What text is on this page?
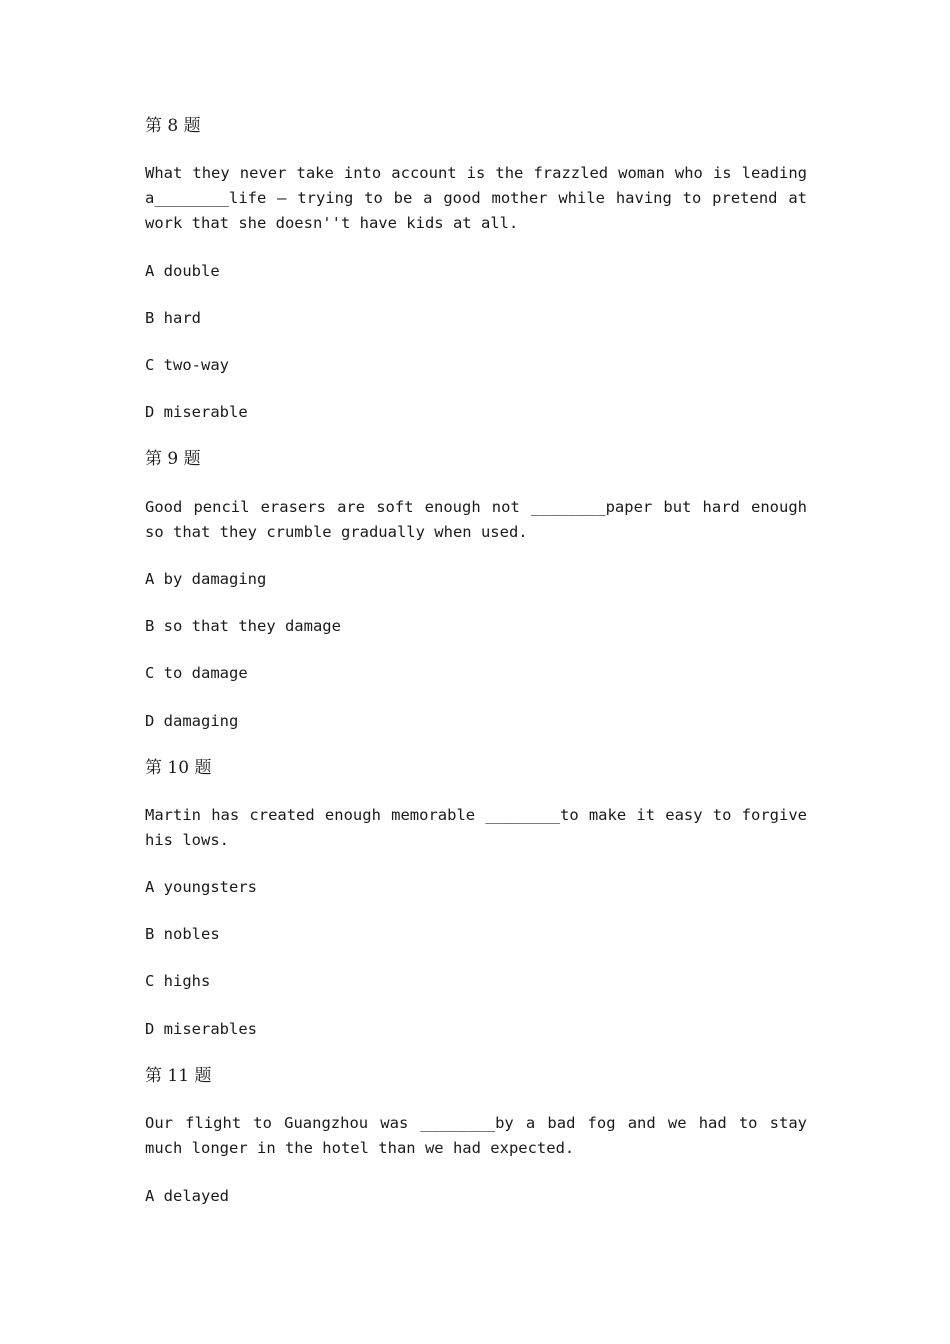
第 8 题
What they never take into account is the frazzled woman who is leading a________life — trying to be a good mother while having to pretend at work that she doesn''t have kids at all.
A double
B hard
C two-way
D miserable
第 9 题
Good pencil erasers are soft enough not ________paper but hard enough so that they crumble gradually when used.
A by damaging
B so that they damage
C to damage
D damaging
第 10 题
Martin has created enough memorable ________to make it easy to forgive his lows.
A youngsters
B nobles
C highs
D miserables
第 11 题
Our flight to Guangzhou was ________by a bad fog and we had to stay much longer in the hotel than we had expected.
A delayed
